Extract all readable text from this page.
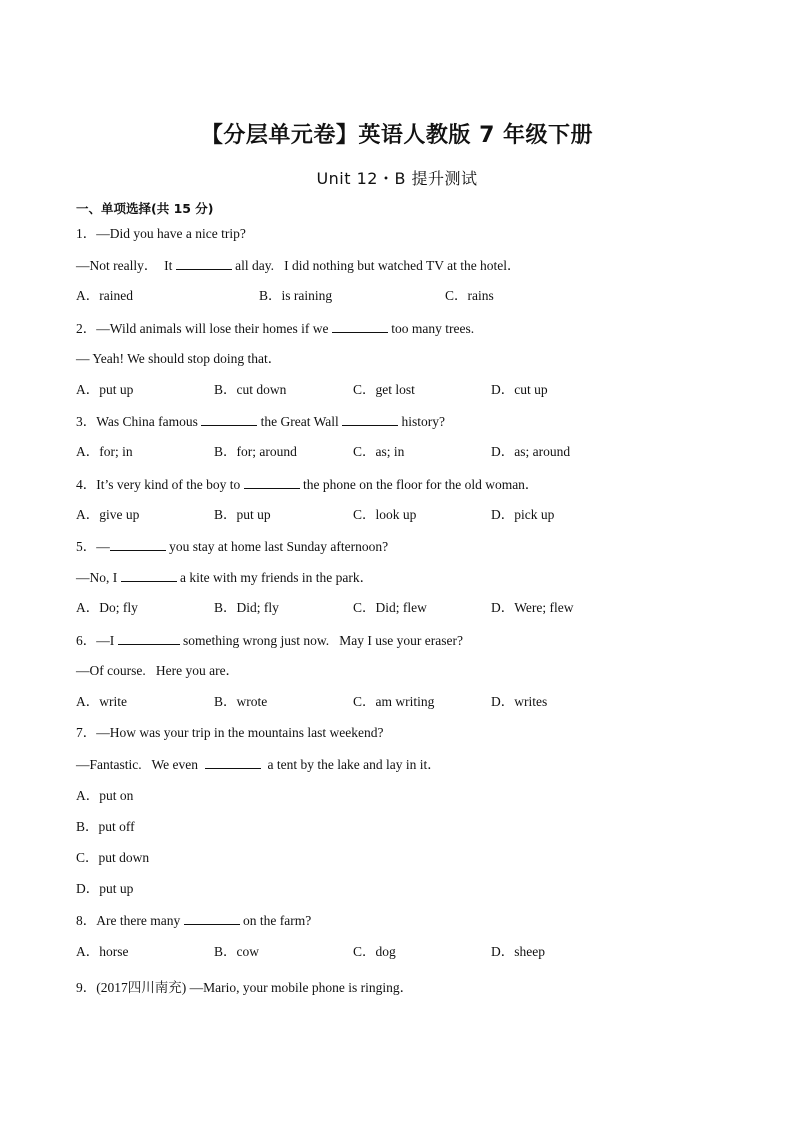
【分层单元卷】英语人教版 7 年级下册
Unit 12・B 提升测试
一、单项选择(共 15 分)
1．—Did you have a nice trip?
—Not really．  It	all day.   I did nothing but watched TV at the hotel．
A．rained	B．is raining	C．rains
2．—Wild animals will lose their homes if we	too many trees.
— Yeah! We should stop doing that．
A．put up	B．cut down	C．get lost	D．cut up
3．Was China famous	the Great Wall	history?
A．for; in	B．for; around	C．as; in	D．as; around
4．It’s very kind of the boy to	the phone on the floor for the old woman．
A．give up	B．put up	C．look up	D．pick up
5．—	you stay at home last Sunday afternoon?
—No, I	a kite with my friends in the park．
A．Do; fly	B．Did; fly	C．Did; flew	D．Were; flew
6．—I	something wrong just now.   May I use your eraser?
—Of course.   Here you are．
A．write	B．wrote	C．am writing	D．writes
7．—How was your trip in the mountains last weekend?
—Fantastic.   We even	a tent by the lake and lay in it．
A．put on
B．put off
C．put down
D．put up
8．Are there many	on the farm?
A．horse	B．cow	C．dog	D．sheep
9．(2017四川南充) —Mario, your mobile phone is ringing．
